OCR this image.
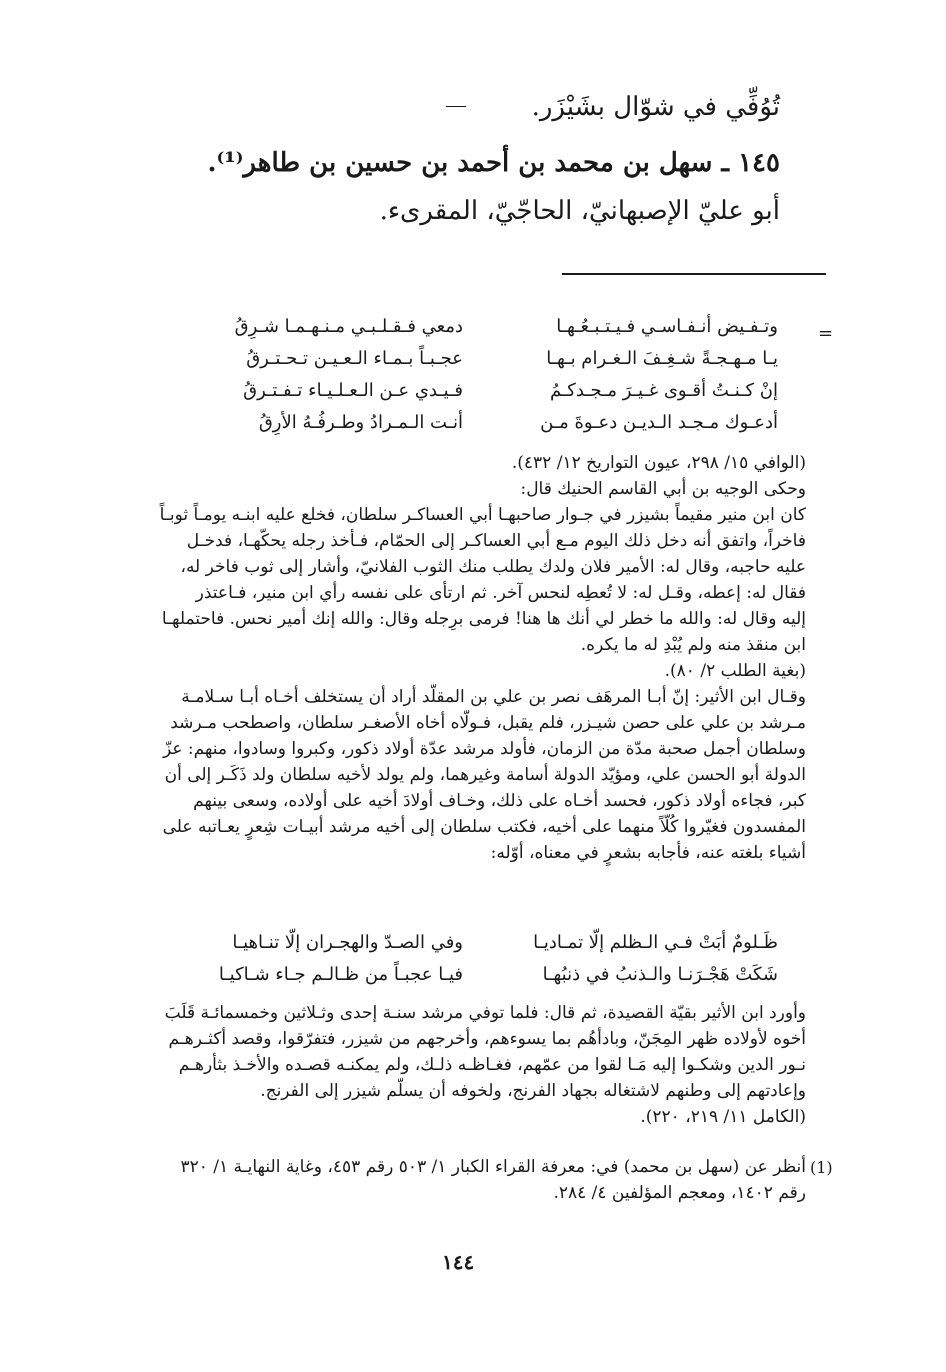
تُوُفِّي في شوّال بشَيْزَر.
١٤٥ ـ سهل بن محمد بن أحمد بن حسين بن طاهر⁽¹⁾.
أبو عليّ الإصبهانيّ، الحاجّيّ، المقرىء.
=
وتـفـيض أنـفـاسـي فـيـتـبـعُـهـا
دمعي فـقـلـبـي مـنـهـمـا شـرِقُ
يـا مـهـجـةً شـغِـفَ الـغـرام بـهـا
عجـبـاً بـمـاء الـعـيـن تـحـتـرقُ
إنْ كـنـتُ أقـوى غـيـرَ مـجـدكـمُ
فـيـدي عـن الـعـلـيـاء تـفـتـرقُ
أدعـوك مـجـد الـديـن دعـوةَ مـن
أنـت الـمـرادُ وطـرفُـهُ الأرِقُ
(الوافي ١٥/ ٢٩٨، عيون التواريخ ١٢/ ٤٣٢).
وحكى الوجيه بن أبي القاسم الحنيك قال:
كان ابن منير مقيماً بشيزر في جـوار صاحبهـا أبي العساكـر سلطان، فخلع عليه ابنـه يومـاً ثوبـاً
فاخراً، واتفق أنه دخل ذلك اليوم مـع أبي العساكـر إلى الحمّام، فـأخذ رجله يحكّهـا، فدخـل
عليه حاجبه، وقال له: الأمير فلان ولدك يطلب منك الثوب الفلانيّ، وأشار إلى ثوب فاخر له،
فقال له: إعطه، وقـل له: لا تُعطِه لنحس آخر. ثم ارتأى على نفسه رأي ابن منير، فـاعتذر
إليه وقال له: والله ما خطر لي أنك ها هنا! فرمى برِجله وقال: والله إنك أمير نحس. فاحتملهـا
ابن منقذ منه ولم يُبْدِ له ما يكره.
(بغية الطلب ٢/ ٨٠).
وقـال ابن الأثير: إنّ أبـا المرهَف نصر بن علي بن المقلّد أراد أن يستخلف أخـاه أبـا سـلامـة
مـرشد بن علي على حصن شيـزر، فلم يقبل، فـولّاه أخاه الأصغـر سلطان، واصطحب مـرشد
وسلطان أجمل صحبة مدّة من الزمان، فأولد مرشد عدّة أولاد ذكور، وكبروا وسادوا، منهم: عزّ
الدولة أبو الحسن علي، ومؤيّد الدولة أسامة وغيرهما، ولم يولد لأخيه سلطان ولد ذَكَـر إلى أن
كبر، فجاءه أولاد ذكور، فحسد أخـاه على ذلك، وخـاف أولادَ أخيه على أولاده، وسعى بينهم
المفسدون فغيّروا كُلّاً منهما على أخيه، فكتب سلطان إلى أخيه مرشد أبيـات شِعرٍ يعـاتبه على
أشياء بلغته عنه، فأجابه بشعرٍ في معناه، أوّله:
ظَـلومٌ أبَتْ فـي الـظلم إلّا تمـاديـا
وفي الصـدّ والهجـران إلّا تنـاهيـا
شَكَتْ هَجْـرَنـا والـذنبُ في ذنبُهـا
فيـا عجبـاً من ظـالـم جـاء شـاكيـا
وأورد ابن الأثير بقيّة القصيدة، ثم قال: فلما توفي مرشد سنـة إحدى وثـلاثين وخمسمائـة قَلَبَ
أخوه لأولاده ظهر المِجَنّ، وبادأهُم بما يسوءهم، وأخرجهم من شيزر، فتفرّقوا، وقصد أكثـرهـم
نـور الدين وشكـوا إليه مَـا لقوا من عمّهم، فغـاظـه ذلـك، ولم يمكنـه قصـده والأخـذ بثأرهـم
وإعادتهم إلى وطنهم لاشتغاله بجهاد الفرنج، ولخوفه أن يسلّم شيزر إلى الفرنج.
(الكامل ١١/ ٢١٩، ٢٢٠).
(1)
أنظر عن (سهل بن محمد) في: معرفة القراء الكبار ١/ ٥٠٣ رقم ٤٥٣، وغاية النهايـة ١/ ٣٢٠
رقم ١٤٠٢، ومعجم المؤلفين ٤/ ٢٨٤.
١٤٤
